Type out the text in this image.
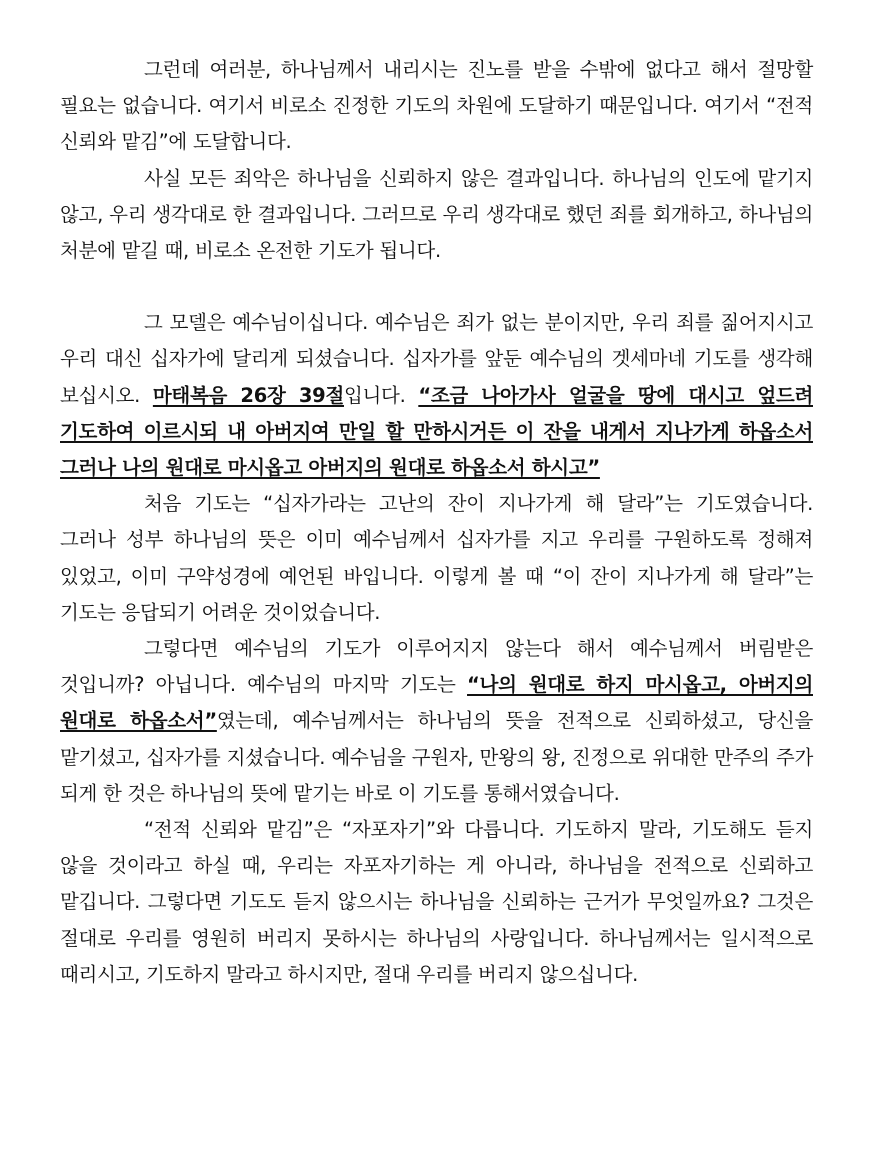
그런데 여러분, 하나님께서 내리시는 진노를 받을 수밖에 없다고 해서 절망할 필요는 없습니다. 여기서 비로소 진정한 기도의 차원에 도달하기 때문입니다. 여기서 “전적 신뢰와 맡김”에 도달합니다.

사실 모든 죄악은 하나님을 신뢰하지 않은 결과입니다. 하나님의 인도에 맡기지 않고, 우리 생각대로 한 결과입니다. 그러므로 우리 생각대로 했던 죄를 회개하고, 하나님의 처분에 맡길 때, 비로소 온전한 기도가 됩니다.

그 모델은 예수님이십니다. 예수님은 죄가 없는 분이지만, 우리 죄를 짊어지시고 우리 대신 십자가에 달리게 되셨습니다. 십자가를 앞둔 예수님의 겟세마네 기도를 생각해 보십시오. 마태복음 26장 39절입니다. “조금 나아가사 얼굴을 땅에 대시고 엎드려 기도하여 이르시되 내 아버지여 만일 할 만하시거든 이 잔을 내게서 지나가게 하옵소서 그러나 나의 원대로 마시옵고 아버지의 원대로 하옵소서 하시고”

처음 기도는 “십자가라는 고난의 잔이 지나가게 해 달라”는 기도였습니다. 그러나 성부 하나님의 뜻은 이미 예수님께서 십자가를 지고 우리를 구원하도록 정해져 있었고, 이미 구약성경에 예언된 바입니다. 이렇게 볼 때 “이 잔이 지나가게 해 달라”는 기도는 응답되기 어려운 것이었습니다.

그렇다면 예수님의 기도가 이루어지지 않는다 해서 예수님께서 버림받은 것입니까? 아닙니다. 예수님의 마지막 기도는 “나의 원대로 하지 마시옵고, 아버지의 원대로 하옵소서”였는데, 예수님께서는 하나님의 뜻을 전적으로 신뢰하셨고, 당신을 맡기셨고, 십자가를 지셨습니다. 예수님을 구원자, 만왕의 왕, 진정으로 위대한 만주의 주가 되게 한 것은 하나님의 뜻에 맡기는 바로 이 기도를 통해서였습니다.

“전적 신뢰와 맡김”은 “자포자기”와 다릅니다. 기도하지 말라, 기도해도 듣지 않을 것이라고 하실 때, 우리는 자포자기하는 게 아니라, 하나님을 전적으로 신뢰하고 맡깁니다. 그렇다면 기도도 듣지 않으시는 하나님을 신뢰하는 근거가 무엇일까요? 그것은 절대로 우리를 영원히 버리지 못하시는 하나님의 사랑입니다. 하나님께서는 일시적으로 때리시고, 기도하지 말라고 하시지만, 절대 우리를 버리지 않으십니다.
